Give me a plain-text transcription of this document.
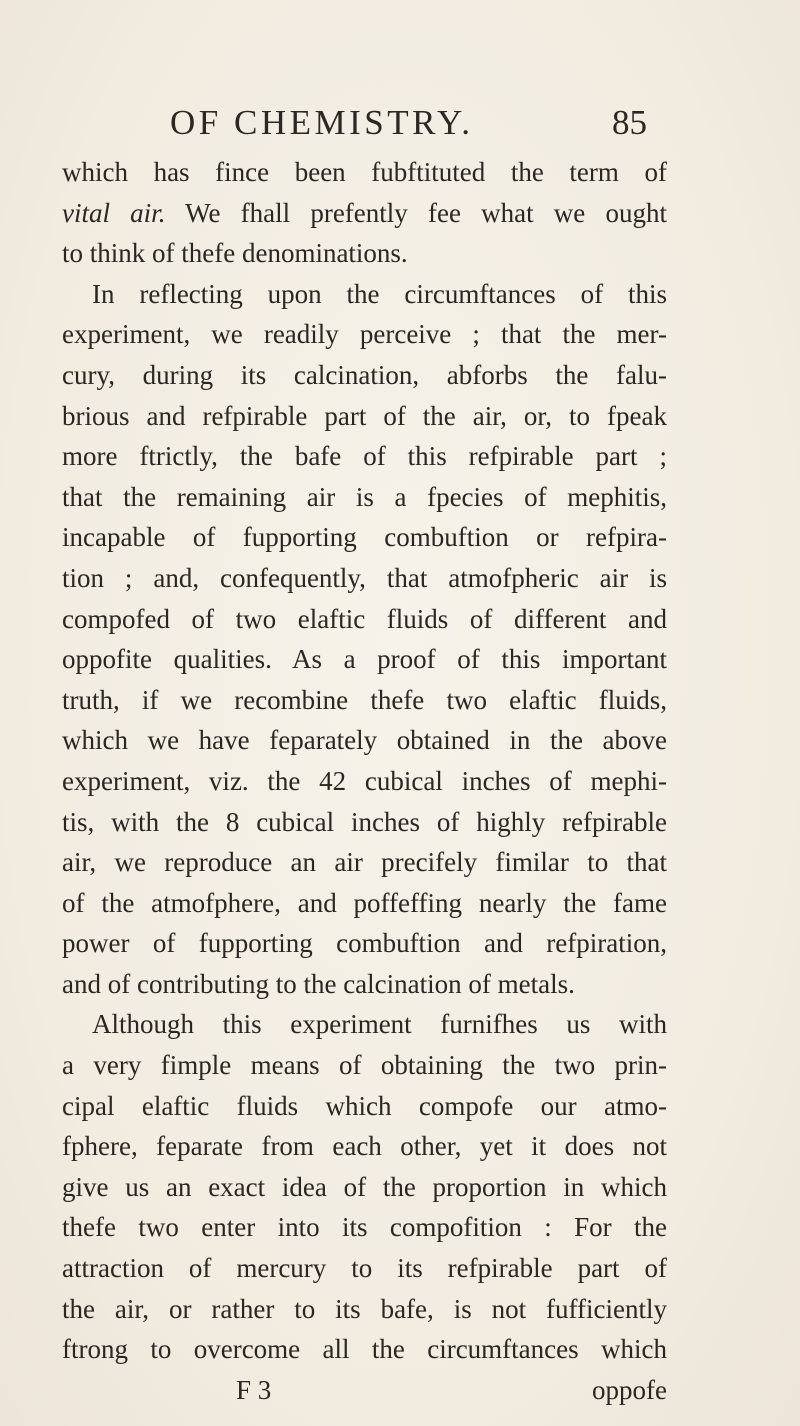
OF CHEMISTRY.	85
which has fince been fubftituted the term of
vital air. We fhall prefently fee what we ought
to think of thefe denominations.
In reflecting upon the circumftances of this
experiment, we readily perceive ; that the mer-
cury, during its calcination, abforbs the falu-
brious and refpirable part of the air, or, to fpeak
more ftrictly, the bafe of this refpirable part ;
that the remaining air is a fpecies of mephitis,
incapable of fupporting combuftion or refpira-
tion ; and, confequently, that atmofpheric air is
compofed of two elaftic fluids of different and
oppofite qualities. As a proof of this important
truth, if we recombine thefe two elaftic fluids,
which we have feparately obtained in the above
experiment, viz. the 42 cubical inches of mephi-
tis, with the 8 cubical inches of highly refpirable
air, we reproduce an air precifely fimilar to that
of the atmofphere, and poffeffing nearly the fame
power of fupporting combuftion and refpiration,
and of contributing to the calcination of metals.
Although this experiment furnifhes us with
a very fimple means of obtaining the two prin-
cipal elaftic fluids which compofe our atmo-
fphere, feparate from each other, yet it does not
give us an exact idea of the proportion in which
thefe two enter into its compofition : For the
attraction of mercury to its refpirable part of
the air, or rather to its bafe, is not fufficiently
ftrong to overcome all the circumftances which
F 3	oppofe
